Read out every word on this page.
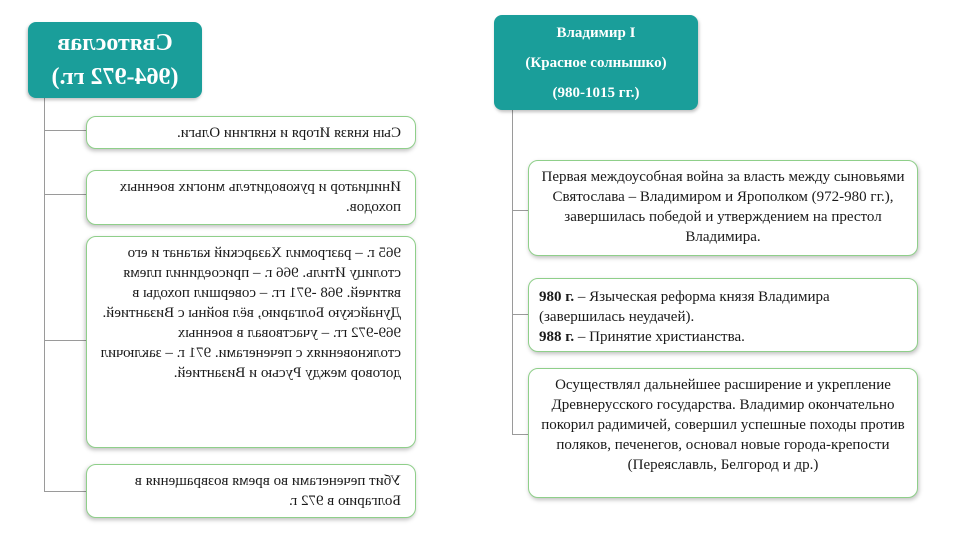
Святослав
(964-972 гг.)
Сын князя Игоря и княгини Ольги.
Инициатор и руководитель многих военных походов.
965 г. – разгромил Хазарский каганат и его столицу Итиль. 966 г. – присоединил племя вятичей. 968 -971 гг. – совершил походы в Дунайскую Болгарию, вёл войны с Византией. 969-972 гг. – участвовал в военных столкновениях с печенегами. 971 г. – заключил договор между Русью и Византией.
Убит печенегами во время возвращения в Болгарию в 972 г.
Владимир I
(Красное солнышко)
(980-1015 гг.)
Первая междоусобная война за власть между сыновьями Святослава – Владимиром и Ярополком (972-980 гг.), завершилась победой и утверждением на престол Владимира.
980 г. – Языческая реформа князя Владимира (завершилась неудачей).
988 г. – Принятие христианства.
Осуществлял дальнейшее расширение и укрепление Древнерусского государства. Владимир окончательно покорил радимичей, совершил успешные походы против поляков, печенегов, основал новые города-крепости (Переяславль, Белгород и др.)
